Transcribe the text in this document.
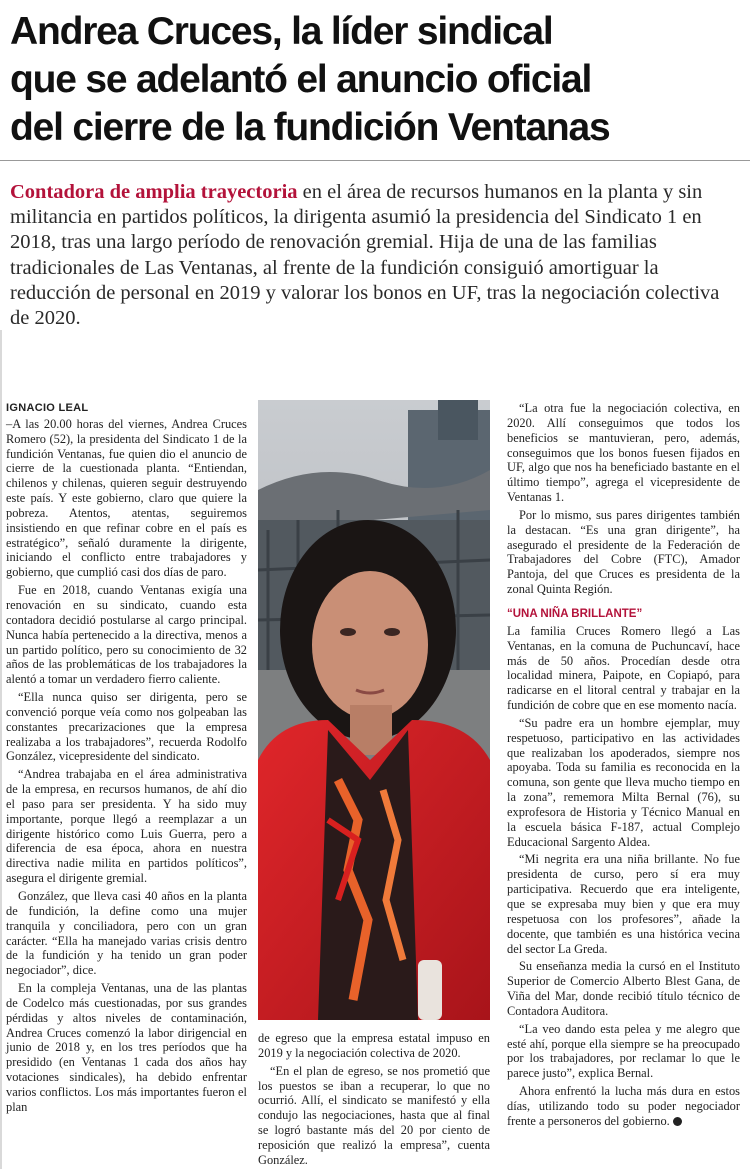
Andrea Cruces, la líder sindical
que se adelantó el anuncio oficial
del cierre de la fundición Ventanas

Contadora de amplia trayectoria en el área de recursos humanos en la planta y sin militancia en partidos políticos, la dirigenta asumió la presidencia del Sindicato 1 en 2018, tras una largo período de renovación gremial. Hija de una de las familias tradicionales de Las Ventanas, al frente de la fundición consiguió amortiguar la reducción de personal en 2019 y valorar los bonos en UF, tras la negociación colectiva de 2020.

IGNACIO LEAL

–A las 20.00 horas del viernes, Andrea Cruces Romero (52), la presidenta del Sindicato 1 de la fundición Ventanas, fue quien dio el anuncio de cierre de la cuestionada planta. “Entiendan, chilenos y chilenas, quieren seguir destruyendo este país. Y este gobierno, claro que quiere la pobreza. Atentos, atentas, seguiremos insistiendo en que refinar cobre en el país es estratégico”, señaló duramente la dirigente, iniciando el conflicto entre trabajadores y gobierno, que cumplió casi dos días de paro.

Fue en 2018, cuando Ventanas exigía una renovación en su sindicato, cuando esta contadora decidió postularse al cargo principal. Nunca había pertenecido a la directiva, menos a un partido político, pero su conocimiento de 32 años de las problemáticas de los trabajadores la alentó a tomar un verdadero fierro caliente.

“Ella nunca quiso ser dirigenta, pero se convenció porque veía como nos golpeaban las constantes precarizaciones que la empresa realizaba a los trabajadores”, recuerda Rodolfo González, vicepresidente del sindicato.

“Andrea trabajaba en el área administrativa de la empresa, en recursos humanos, de ahí dio el paso para ser presidenta. Y ha sido muy importante, porque llegó a reemplazar a un dirigente histórico como Luis Guerra, pero a diferencia de esa época, ahora en nuestra directiva nadie milita en partidos políticos”, asegura el dirigente gremial.

González, que lleva casi 40 años en la planta de fundición, la define como una mujer tranquila y conciliadora, pero con un gran carácter. “Ella ha manejado varias crisis dentro de la fundición y ha tenido un gran poder negociador”, dice.

En la compleja Ventanas, una de las plantas de Codelco más cuestionadas, por sus grandes pérdidas y altos niveles de contaminación, Andrea Cruces comenzó la labor dirigencial en junio de 2018 y, en los tres períodos que ha presidido (en Ventanas 1 cada dos años hay votaciones sindicales), ha debido enfrentar varios conflictos. Los más importantes fueron el plan

de egreso que la empresa estatal impuso en 2019 y la negociación colectiva de 2020.

“En el plan de egreso, se nos prometió que los puestos se iban a recuperar, lo que no ocurrió. Allí, el sindicato se manifestó y ella condujo las negociaciones, hasta que al final se logró bastante más del 20 por ciento de reposición que realizó la empresa”, cuenta González.

“La otra fue la negociación colectiva, en 2020. Allí conseguimos que todos los beneficios se mantuvieran, pero, además, conseguimos que los bonos fuesen fijados en UF, algo que nos ha beneficiado bastante en el último tiempo”, agrega el vicepresidente de Ventanas 1.

Por lo mismo, sus pares dirigentes también la destacan. “Es una gran dirigente”, ha asegurado el presidente de la Federación de Trabajadores del Cobre (FTC), Amador Pantoja, del que Cruces es presidenta de la zonal Quinta Región.

“UNA NIÑA BRILLANTE”

La familia Cruces Romero llegó a Las Ventanas, en la comuna de Puchuncaví, hace más de 50 años. Procedían desde otra localidad minera, Paipote, en Copiapó, para radicarse en el litoral central y trabajar en la fundición de cobre que en ese momento nacía.

“Su padre era un hombre ejemplar, muy respetuoso, participativo en las actividades que realizaban los apoderados, siempre nos apoyaba. Toda su familia es reconocida en la comuna, son gente que lleva mucho tiempo en la zona”, rememora Milta Bernal (76), su exprofesora de Historia y Técnico Manual en la escuela básica F-187, actual Complejo Educacional Sargento Aldea.

“Mi negrita era una niña brillante. No fue presidenta de curso, pero sí era muy participativa. Recuerdo que era inteligente, que se expresaba muy bien y que era muy respetuosa con los profesores”, añade la docente, que también es una histórica vecina del sector La Greda.

Su enseñanza media la cursó en el Instituto Superior de Comercio Alberto Blest Gana, de Viña del Mar, donde recibió título técnico de Contadora Auditora.

“La veo dando esta pelea y me alegro que esté ahí, porque ella siempre se ha preocupado por los trabajadores, por reclamar lo que le parece justo”, explica Bernal.

Ahora enfrentó la lucha más dura en estos días, utilizando todo su poder negociador frente a personeros del gobierno.
